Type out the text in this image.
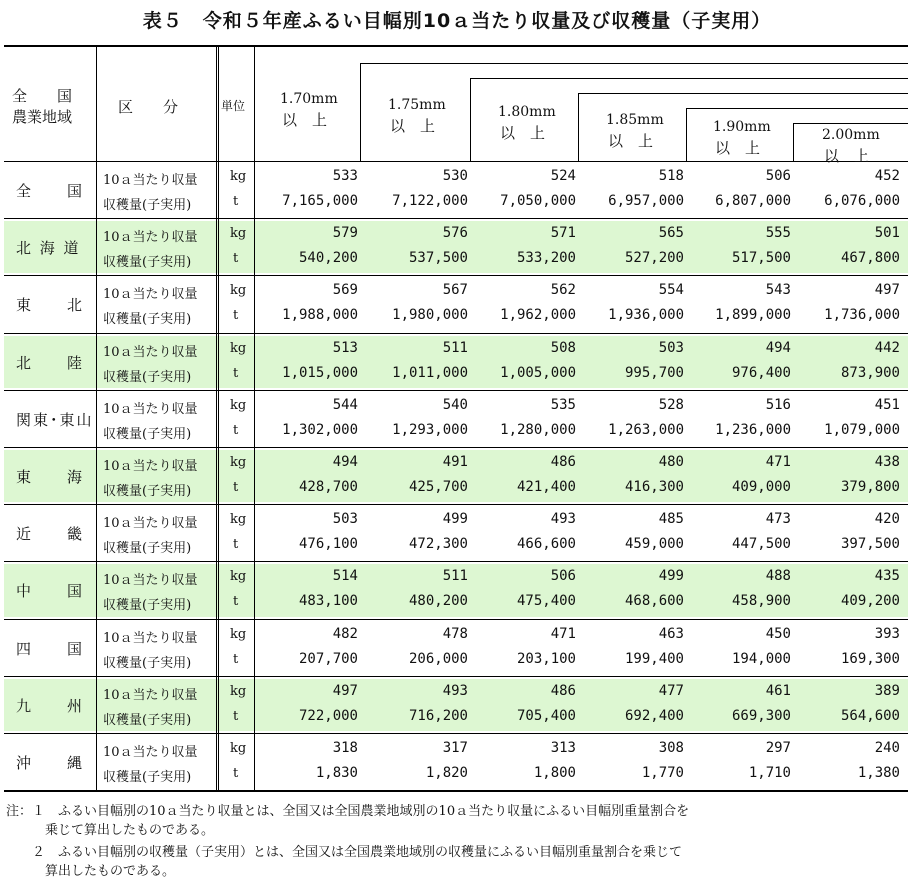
表５　令和５年産ふるい目幅別10ａ当たり収量及び収穫量（子実用）
全　　国
農業地域
区　　分	単位 1.70mm
以　上
1.75mm
以　上
1.80mm
以　上
1.85mm
以　上
1.90mm
以　上
2.00mm
以　上
全　　国
10ａ当たり収量
収穫量(子実用)
kg
t
533
7,165,000
530
7,122,000
524
7,050,000
518
6,957,000
506
6,807,000
452
6,076,000
北 海 道
10ａ当たり収量
収穫量(子実用)
kg
t
579
540,200
576
537,500
571
533,200
565
527,200
555
517,500
501
467,800
東　　北
10ａ当たり収量
収穫量(子実用)
kg
t
569
1,988,000
567
1,980,000
562
1,962,000
554
1,936,000
543
1,899,000
497
1,736,000
北　　陸
10ａ当たり収量
収穫量(子実用)
kg
t
513
1,015,000
511
1,011,000
508
1,005,000
503
995,700
494
976,400
442
873,900
関東･東山
10ａ当たり収量
収穫量(子実用)
kg
t
544
1,302,000
540
1,293,000
535
1,280,000
528
1,263,000
516
1,236,000
451
1,079,000
東　　海
10ａ当たり収量
収穫量(子実用)
kg
t
494
428,700
491
425,700
486
421,400
480
416,300
471
409,000
438
379,800
近　　畿
10ａ当たり収量
収穫量(子実用)
kg
t
503
476,100
499
472,300
493
466,600
485
459,000
473
447,500
420
397,500
中　　国
10ａ当たり収量
収穫量(子実用)
kg
t
514
483,100
511
480,200
506
475,400
499
468,600
488
458,900
435
409,200
四　　国
10ａ当たり収量
収穫量(子実用)
kg
t
482
207,700
478
206,000
471
203,100
463
199,400
450
194,000
393
169,300
九　　州
10ａ当たり収量
収穫量(子実用)
kg
t
497
722,000
493
716,200
486
705,400
477
692,400
461
669,300
389
564,600
沖　　縄
10ａ当たり収量
収穫量(子実用)
kg
t
318
1,830
317
1,820
313
1,800
308
1,770
297
1,710
240
1,380
注：１　ふるい目幅別の10ａ当たり収量とは、全国又は全国農業地域別の10ａ当たり収量にふるい目幅別重量割合を
　　　乗じて算出したものである。
　　２　ふるい目幅別の収穫量（子実用）とは、全国又は全国農業地域別の収穫量にふるい目幅別重量割合を乗じて
　　　算出したものである。
